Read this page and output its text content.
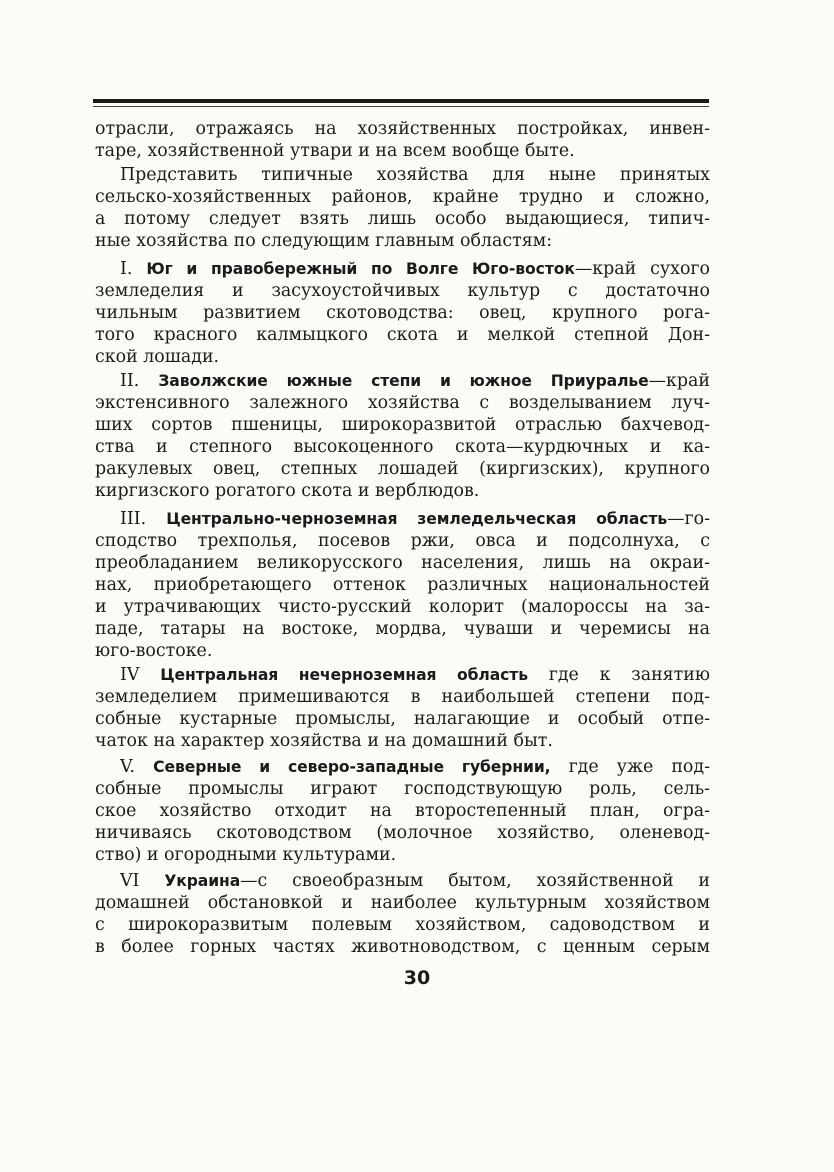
отрасли, отражаясь на хозяйственных постройках, инвен-
таре, хозяйственной утвари и на всем вообще быте.
Представить типичные хозяйства для ныне принятых
сельско-хозяйственных районов, крайне трудно и сложно,
а потому следует взять лишь особо выдающиеся, типич-
ные хозяйства по следующим главным областям:
I. Юг и правобережный по Волге Юго-восток—край сухого
земледелия и засухоустойчивых культур с достаточно
чильным развитием скотоводства: овец, крупного рога-
того красного калмыцкого скота и мелкой степной Дон-
ской лошади.
II. Заволжские южные степи и южное Приуралье—край
экстенсивного залежного хозяйства с возделыванием луч-
ших сортов пшеницы, широкоразвитой отраслью бахчевод-
ства и степного высокоценного скота—курдючных и ка-
ракулевых овец, степных лошадей (киргизских), крупного
киргизского рогатого скота и верблюдов.
III. Центрально-черноземная земледельческая область—го-
сподство трехполья, посевов ржи, овса и подсолнуха, с
преобладанием великорусского населения, лишь на окраи-
нах, приобретающего оттенок различных национальностей
и утрачивающих чисто-русский колорит (малороссы на за-
паде, татары на востоке, мордва, чуваши и черемисы на
юго-востоке.
IV Центральная нечерноземная область где к занятию
земледелием примешиваются в наибольшей степени под-
собные кустарные промыслы, налагающие и особый отпе-
чаток на характер хозяйства и на домашний быт.
V. Северные и северо-западные губернии, где уже под-
собные промыслы играют господствующую роль, сель-
ское хозяйство отходит на второстепенный план, огра-
ничиваясь скотоводством (молочное хозяйство, оленевод-
ство) и огородными культурами.
VI Украина—с своеобразным бытом, хозяйственной и
домашней обстановкой и наиболее культурным хозяйством
с широкоразвитым полевым хозяйством, садоводством и
в более горных частях животноводством, с ценным серым
30
